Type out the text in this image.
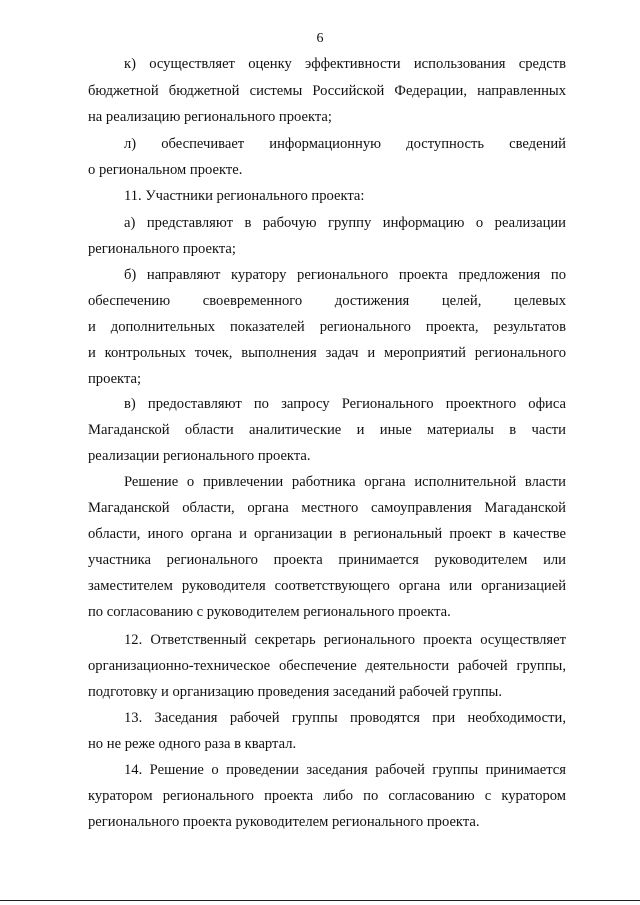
6
к) осуществляет оценку эффективности использования средств
бюджетной бюджетной системы Российской Федерации, направленных
на реализацию регионального проекта;
л) обеспечивает информационную доступность сведений
о региональном проекте.
11. Участники регионального проекта:
а) представляют в рабочую группу информацию о реализации
регионального проекта;
б) направляют куратору регионального проекта предложения по
обеспечению своевременного достижения целей, целевых
и дополнительных показателей регионального проекта, результатов
и контрольных точек, выполнения задач и мероприятий регионального
проекта;
в) предоставляют по запросу Регионального проектного офиса
Магаданской области аналитические и иные материалы в части
реализации регионального проекта.
Решение о привлечении работника органа исполнительной власти
Магаданской области, органа местного самоуправления Магаданской
области, иного органа и организации в региональный проект в качестве
участника регионального проекта принимается руководителем или
заместителем руководителя соответствующего органа или организацией
по согласованию с руководителем регионального проекта.
12. Ответственный секретарь регионального проекта осуществляет
организационно-техническое обеспечение деятельности рабочей группы,
подготовку и организацию проведения заседаний рабочей группы.
13. Заседания рабочей группы проводятся при необходимости,
но не реже одного раза в квартал.
14. Решение о проведении заседания рабочей группы принимается
куратором регионального проекта либо по согласованию с куратором
регионального проекта руководителем регионального проекта.
